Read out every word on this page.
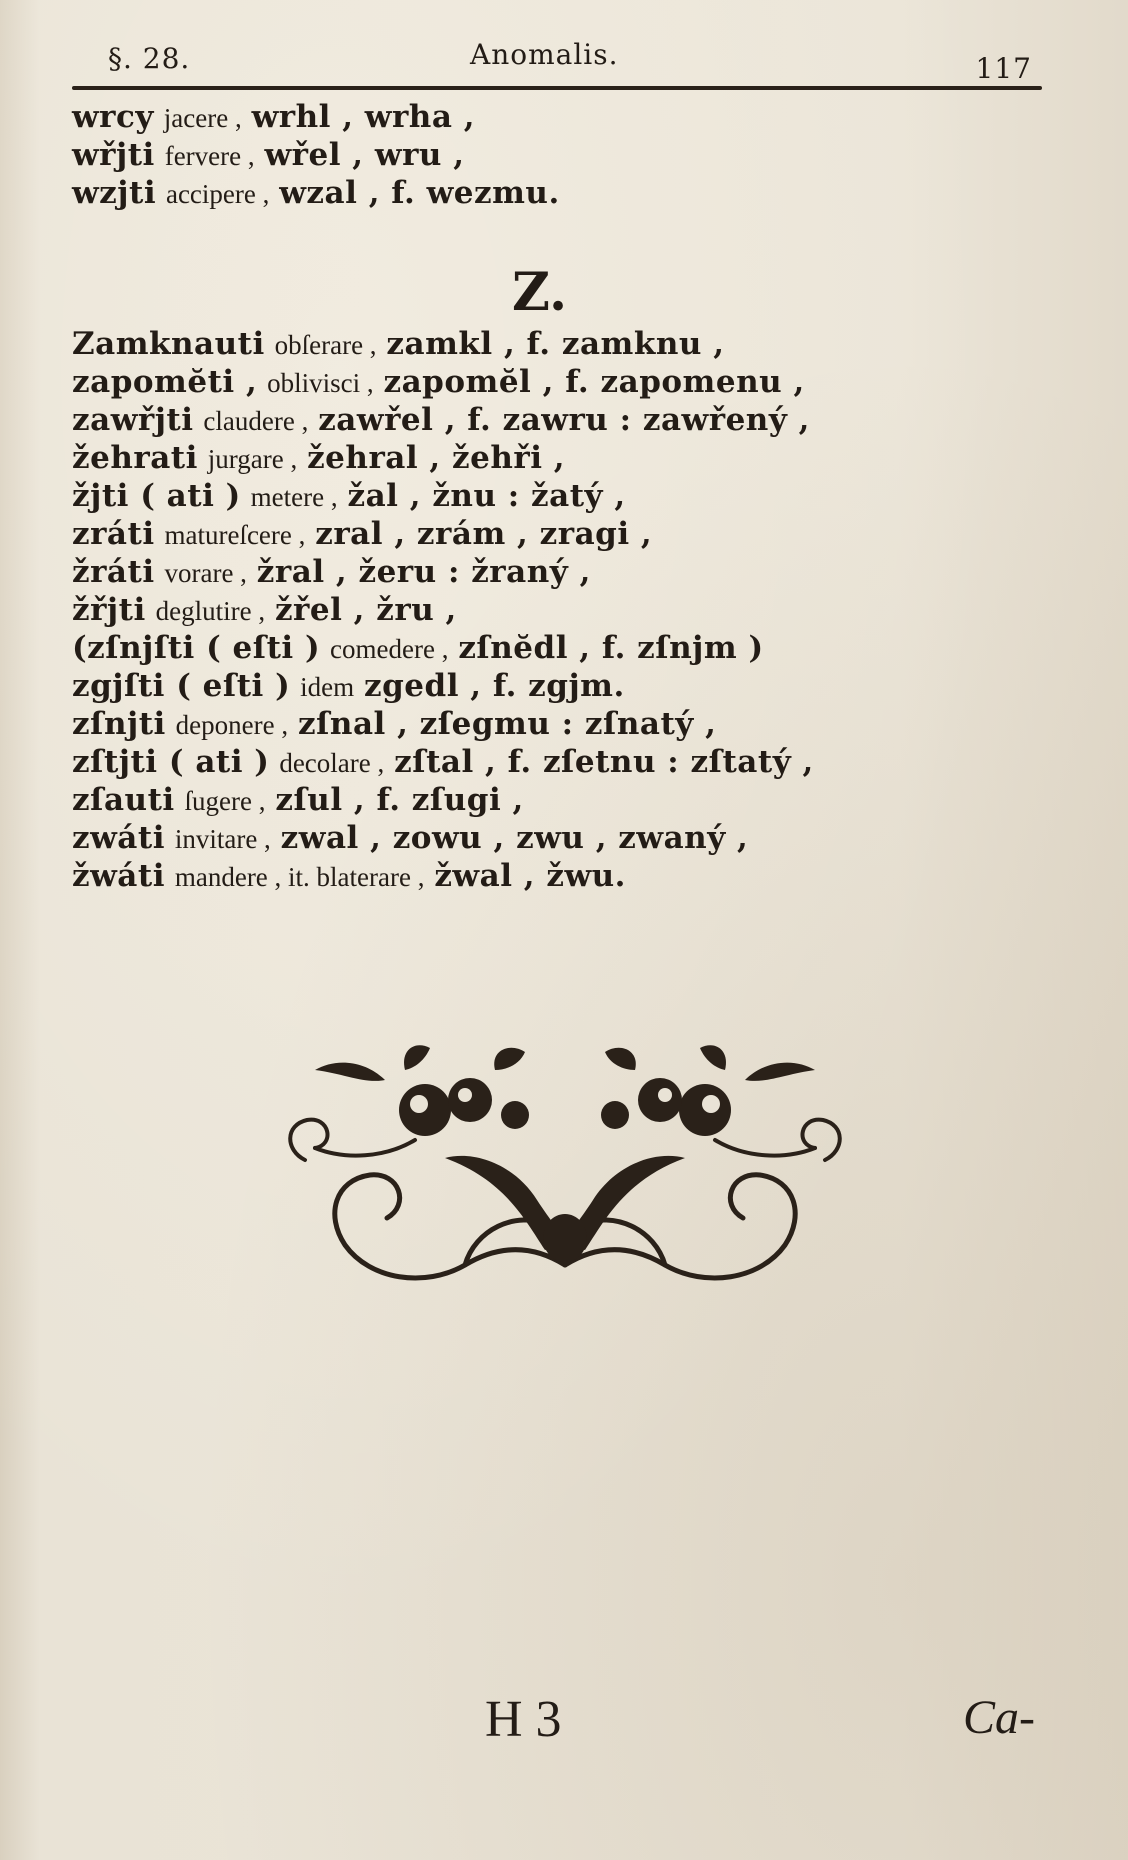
§. 28.	Anomalis.	117
wrcy jacere , wrhl , wrha ,
wřjti fervere , wřel , wru ,
wzjti accipere , wzal , f. wezmu.
Z.
Zamknauti obſerare , zamkl , f. zamknu ,
zapomĕti , oblivisci , zapomĕl , f. zapomenu ,
zawřjti claudere , zawřel , f. zawru : zawřený ,
žehrati jurgare , žehral , žehři ,
žjti ( ati ) metere , žal , žnu : žatý ,
zráti matureſcere , zral , zrám , zragi ,
žráti vorare , žral , žeru : žraný ,
žřjti deglutire , žřel , žru ,
(zſnjſti ( eſti ) comedere , zſnĕdl , f. zſnjm )
zgjſti ( eſti ) idem zgedl , f. zgjm.
zſnjti deponere , zſnal , zſegmu : zſnatý ,
zſtjti ( ati ) decolare , zſtal , f. zſetnu : zſtatý ,
zſauti ſugere , zſul , f. zſugi ,
zwáti invitare , zwal , zowu , zwu , zwaný ,
žwáti mandere , it. blaterare , žwal , žwu.
H 3	Ca-
